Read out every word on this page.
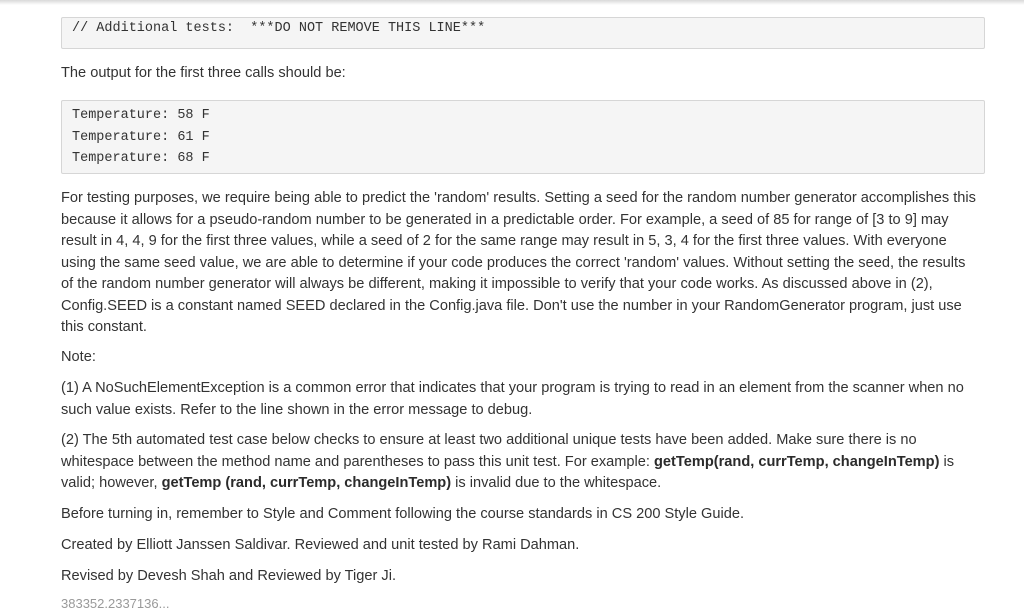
// Additional tests:  ***DO NOT REMOVE THIS LINE***

The output for the first three calls should be:

Temperature: 58 F
Temperature: 61 F
Temperature: 68 F

For testing purposes, we require being able to predict the 'random' results. Setting a seed for the random number generator accomplishes this because it allows for a pseudo-random number to be generated in a predictable order. For example, a seed of 85 for range of [3 to 9] may result in 4, 4, 9 for the first three values, while a seed of 2 for the same range may result in 5, 3, 4 for the first three values. With everyone using the same seed value, we are able to determine if your code produces the correct 'random' values. Without setting the seed, the results of the random number generator will always be different, making it impossible to verify that your code works. As discussed above in (2), Config.SEED is a constant named SEED declared in the Config.java file. Don't use the number in your RandomGenerator program, just use this constant.

Note:

(1) A NoSuchElementException is a common error that indicates that your program is trying to read in an element from the scanner when no such value exists. Refer to the line shown in the error message to debug.

(2) The 5th automated test case below checks to ensure at least two additional unique tests have been added. Make sure there is no whitespace between the method name and parentheses to pass this unit test. For example: getTemp(rand, currTemp, changeInTemp) is valid; however, getTemp (rand, currTemp, changeInTemp) is invalid due to the whitespace.

Before turning in, remember to Style and Comment following the course standards in CS 200 Style Guide.

Created by Elliott Janssen Saldivar. Reviewed and unit tested by Rami Dahman.

Revised by Devesh Shah and Reviewed by Tiger Ji.

383352.2337136...
